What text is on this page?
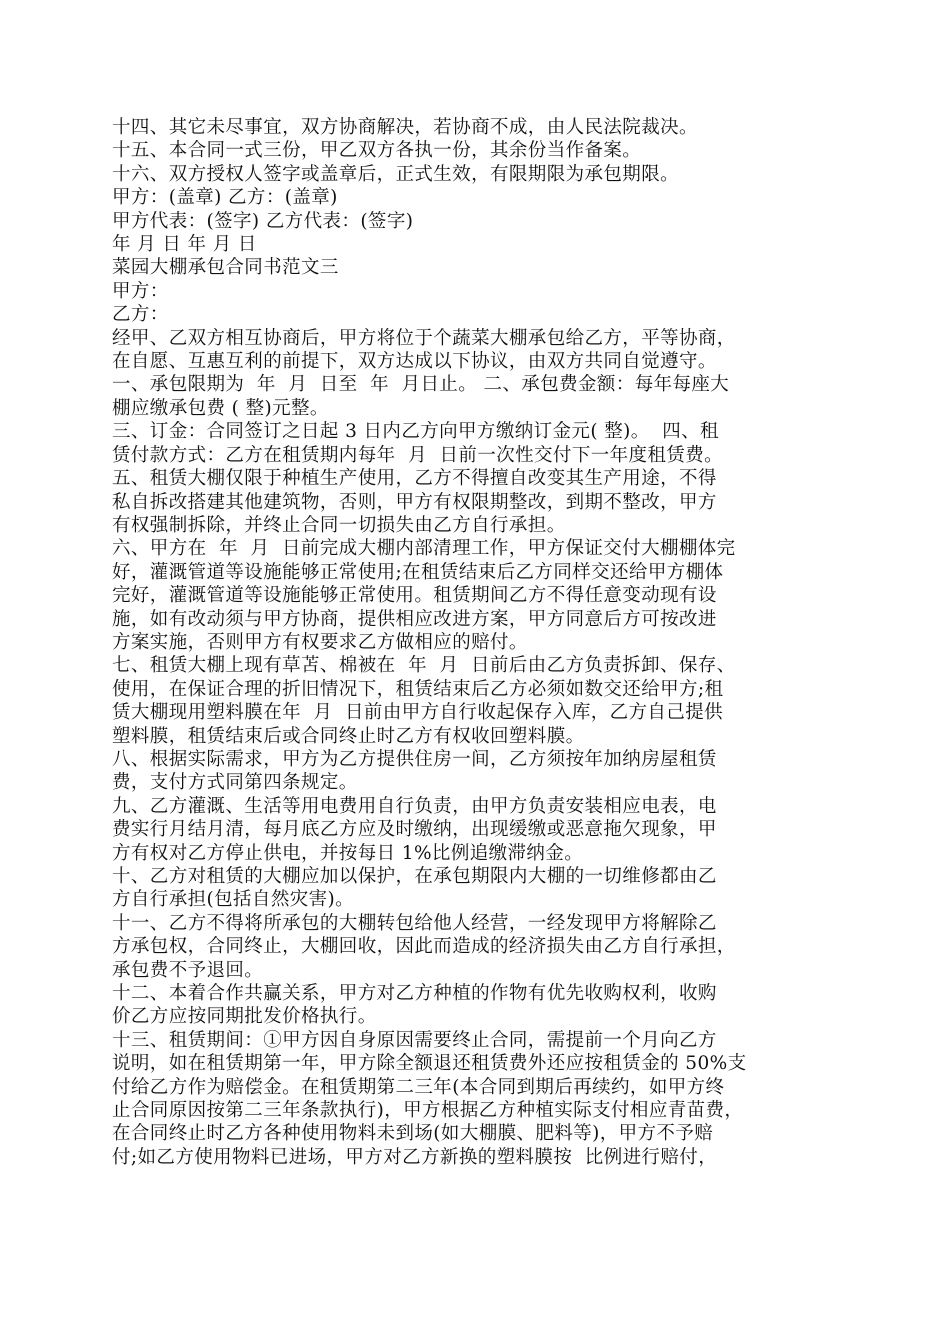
十四、其它未尽事宜，双方协商解决，若协商不成，由人民法院裁决。

十五、本合同一式三份，甲乙双方各执一份，其余份当作备案。

十六、双方授权人签字或盖章后，正式生效，有限期限为承包期限。

甲方：(盖章) 乙方：(盖章)

甲方代表：(签字) 乙方代表：(签字)

年 月 日 年 月 日

菜园大棚承包合同书范文三

甲方：

乙方：

经甲、乙双方相互协商后，甲方将位于个蔬菜大棚承包给乙方，平等协商，

在自愿、互惠互利的前提下，双方达成以下协议，由双方共同自觉遵守。

一、承包限期为  年  月  日至  年  月日止。 二、承包费金额：每年每座大

棚应缴承包费 ( 整)元整。

三、订金：合同签订之日起 3 日内乙方向甲方缴纳订金元( 整)。  四、租

赁付款方式：乙方在租赁期内每年  月  日前一次性交付下一年度租赁费。

五、租赁大棚仅限于种植生产使用，乙方不得擅自改变其生产用途，不得

私自拆改搭建其他建筑物，否则，甲方有权限期整改，到期不整改，甲方

有权强制拆除，并终止合同一切损失由乙方自行承担。

六、甲方在  年  月  日前完成大棚内部清理工作，甲方保证交付大棚棚体完

好，灌溉管道等设施能够正常使用;在租赁结束后乙方同样交还给甲方棚体

完好，灌溉管道等设施能够正常使用。租赁期间乙方不得任意变动现有设

施，如有改动须与甲方协商，提供相应改进方案，甲方同意后方可按改进

方案实施，否则甲方有权要求乙方做相应的赔付。

七、租赁大棚上现有草苫、棉被在  年  月  日前后由乙方负责拆卸、保存、

使用，在保证合理的折旧情况下，租赁结束后乙方必须如数交还给甲方;租

赁大棚现用塑料膜在年  月  日前由甲方自行收起保存入库，乙方自己提供

塑料膜，租赁结束后或合同终止时乙方有权收回塑料膜。

八、根据实际需求，甲方为乙方提供住房一间，乙方须按年加纳房屋租赁

费，支付方式同第四条规定。

九、乙方灌溉、生活等用电费用自行负责，由甲方负责安装相应电表，电

费实行月结月清，每月底乙方应及时缴纳，出现缓缴或恶意拖欠现象，甲

方有权对乙方停止供电，并按每日 1%比例追缴滞纳金。

十、乙方对租赁的大棚应加以保护，在承包期限内大棚的一切维修都由乙

方自行承担(包括自然灾害)。

十一、乙方不得将所承包的大棚转包给他人经营，一经发现甲方将解除乙

方承包权，合同终止，大棚回收，因此而造成的经济损失由乙方自行承担，

承包费不予退回。

十二、本着合作共赢关系，甲方对乙方种植的作物有优先收购权利，收购

价乙方应按同期批发价格执行。

十三、租赁期间：①甲方因自身原因需要终止合同，需提前一个月向乙方

说明，如在租赁期第一年，甲方除全额退还租赁费外还应按租赁金的 50%支

付给乙方作为赔偿金。在租赁期第二三年(本合同到期后再续约，如甲方终

止合同原因按第二三年条款执行)，甲方根据乙方种植实际支付相应青苗费，

在合同终止时乙方各种使用物料未到场(如大棚膜、肥料等)，甲方不予赔

付;如乙方使用物料已进场，甲方对乙方新换的塑料膜按  比例进行赔付，
